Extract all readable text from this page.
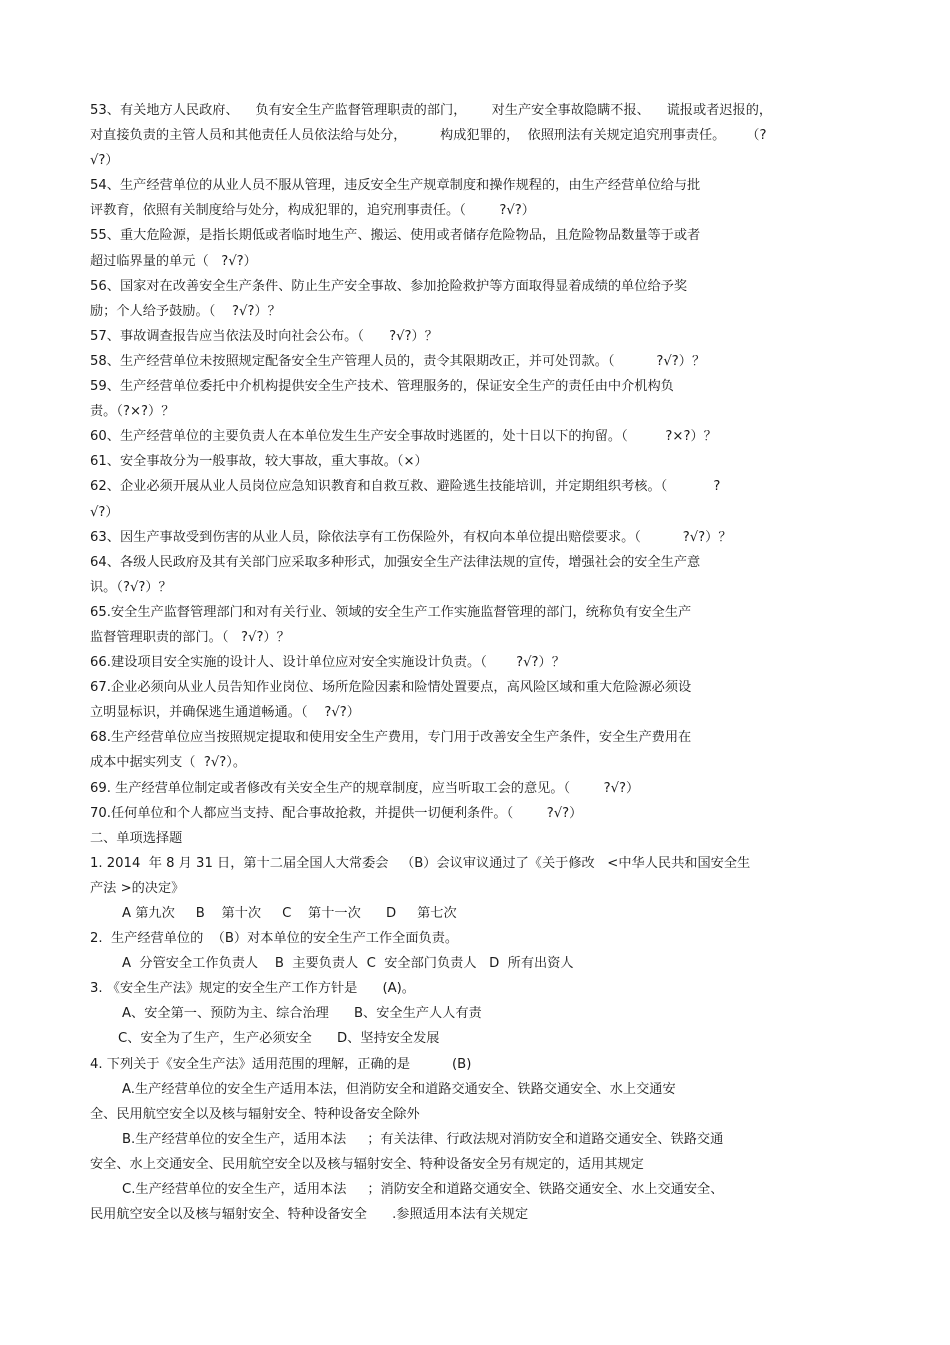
53、有关地方人民政府、    负有安全生产监督管理职责的部门，      对生产安全事故隐瞒不报、    谎报或者迟报的，
对直接负责的主管人员和其他责任人员依法给与处分，        构成犯罪的，  依照刑法有关规定追究刑事责任。     （?
√?）
54、生产经营单位的从业人员不服从管理，违反安全生产规章制度和操作规程的，由生产经营单位给与批
评教育，依照有关制度给与处分，构成犯罪的，追究刑事责任。（        ?√?）
55、重大危险源，是指长期低或者临时地生产、搬运、使用或者储存危险物品，且危险物品数量等于或者
超过临界量的单元（   ?√?）
56、国家对在改善安全生产条件、防止生产安全事故、参加抢险救护等方面取得显着成绩的单位给予奖
励；个人给予鼓励。（    ?√?）？
57、事故调查报告应当依法及时向社会公布。（      ?√?）？
58、生产经营单位未按照规定配备安全生产管理人员的，责令其限期改正，并可处罚款。（          ?√?）？
59、生产经营单位委托中介机构提供安全生产技术、管理服务的，保证安全生产的责任由中介机构负
责。（?×?）？
60、生产经营单位的主要负责人在本单位发生生产安全事故时逃匿的，处十日以下的拘留。（         ?×?）？
61、安全事故分为一般事故，较大事故，重大事故。（×）
62、企业必须开展从业人员岗位应急知识教育和自救互救、避险逃生技能培训，并定期组织考核。（           ?
√?）
63、因生产事故受到伤害的从业人员，除依法享有工伤保险外，有权向本单位提出赔偿要求。（          ?√?）？
64、各级人民政府及其有关部门应采取多种形式，加强安全生产法律法规的宣传，增强社会的安全生产意
识。（?√?）？
65.安全生产监督管理部门和对有关行业、领域的安全生产工作实施监督管理的部门，统称负有安全生产
监督管理职责的部门。（   ?√?）？
66.建设项目安全实施的设计人、设计单位应对安全实施设计负责。（       ?√?）？
67.企业必须向从业人员告知作业岗位、场所危险因素和险情处置要点，高风险区域和重大危险源必须设
立明显标识，并确保逃生通道畅通。（    ?√?）
68.生产经营单位应当按照规定提取和使用安全生产费用，专门用于改善安全生产条件，安全生产费用在
成本中据实列支（  ?√?）。
69. 生产经营单位制定或者修改有关安全生产的规章制度，应当听取工会的意见。（        ?√?）
70.任何单位和个人都应当支持、配合事故抢救，并提供一切便利条件。（        ?√?）
二、单项选择题
1. 2014  年 8 月 31 日，第十二届全国人大常委会   （B）会议审议通过了《关于修改   <中华人民共和国安全生
产法 >的决定》
A 第九次     B    第十次     C    第十一次      D     第七次
2.  生产经营单位的  （B）对本单位的安全生产工作全面负责。
A  分管安全工作负责人    B  主要负责人  C  安全部门负责人   D  所有出资人
3. 《安全生产法》规定的安全生产工作方针是      (A)。
A、安全第一、预防为主、综合治理      B、安全生产人人有责
C、安全为了生产，生产必须安全      D、坚持安全发展
4. 下列关于《安全生产法》适用范围的理解，正确的是          (B)
A.生产经营单位的安全生产适用本法，但消防安全和道路交通安全、铁路交通安全、水上交通安
全、民用航空安全以及核与辐射安全、特种设备安全除外
B.生产经营单位的安全生产，适用本法     ；有关法律、行政法规对消防安全和道路交通安全、铁路交通
安全、水上交通安全、民用航空安全以及核与辐射安全、特种设备安全另有规定的，适用其规定
C.生产经营单位的安全生产，适用本法     ；消防安全和道路交通安全、铁路交通安全、水上交通安全、
民用航空安全以及核与辐射安全、特种设备安全      .参照适用本法有关规定
